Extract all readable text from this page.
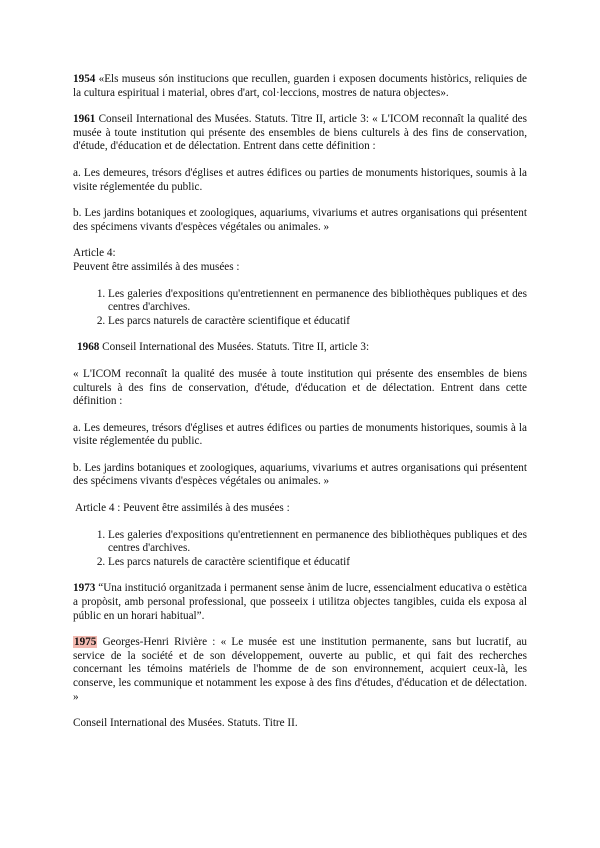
1954 «Els museus són institucions que recullen, guarden i exposen documents històrics, reliquies de la cultura espiritual i material, obres d'art, col·leccions, mostres de natura objectes».

1961 Conseil International des Musées. Statuts. Titre II, article 3: « L'ICOM reconnaît la qualité des musée à toute institution qui présente des ensembles de biens culturels à des fins de conservation, d'étude, d'éducation et de délectation. Entrent dans cette définition :

a. Les demeures, trésors d'églises et autres édifices ou parties de monuments historiques, soumis à la visite réglementée du public.

b. Les jardins botaniques et zoologiques, aquariums, vivariums et autres organisations qui présentent des spécimens vivants d'espèces végétales ou animales. »

Article 4:

Peuvent être assimilés à des musées :

1. Les galeries d'expositions qu'entretiennent en permanence des bibliothèques publiques et des centres d'archives.
2. Les parcs naturels de caractère scientifique et éducatif

1968 Conseil International des Musées. Statuts. Titre II, article 3:

« L'ICOM reconnaît la qualité des musée à toute institution qui présente des ensembles de biens culturels à des fins de conservation, d'étude, d'éducation et de délectation. Entrent dans cette définition :

a. Les demeures, trésors d'églises et autres édifices ou parties de monuments historiques, soumis à la visite réglementée du public.

b. Les jardins botaniques et zoologiques, aquariums, vivariums et autres organisations qui présentent des spécimens vivants d'espèces végétales ou animales. »

Article 4 : Peuvent être assimilés à des musées :

1. Les galeries d'expositions qu'entretiennent en permanence des bibliothèques publiques et des centres d'archives.
2. Les parcs naturels de caractère scientifique et éducatif

1973 “Una institució organitzada i permanent sense ànim de lucre, essencialment educativa o estètica a propòsit, amb personal professional, que posseeix i utilitza objectes tangibles, cuida els exposa al públic en un horari habitual”.

1975 Georges-Henri Rivière : « Le musée est une institution permanente, sans but lucratif, au service de la société et de son développement, ouverte au public, et qui fait des recherches concernant les témoins matériels de l'homme de de son environnement, acquiert ceux-là, les conserve, les communique et notamment les expose à des fins d'études, d'éducation et de délectation. »

Conseil International des Musées. Statuts. Titre II.
